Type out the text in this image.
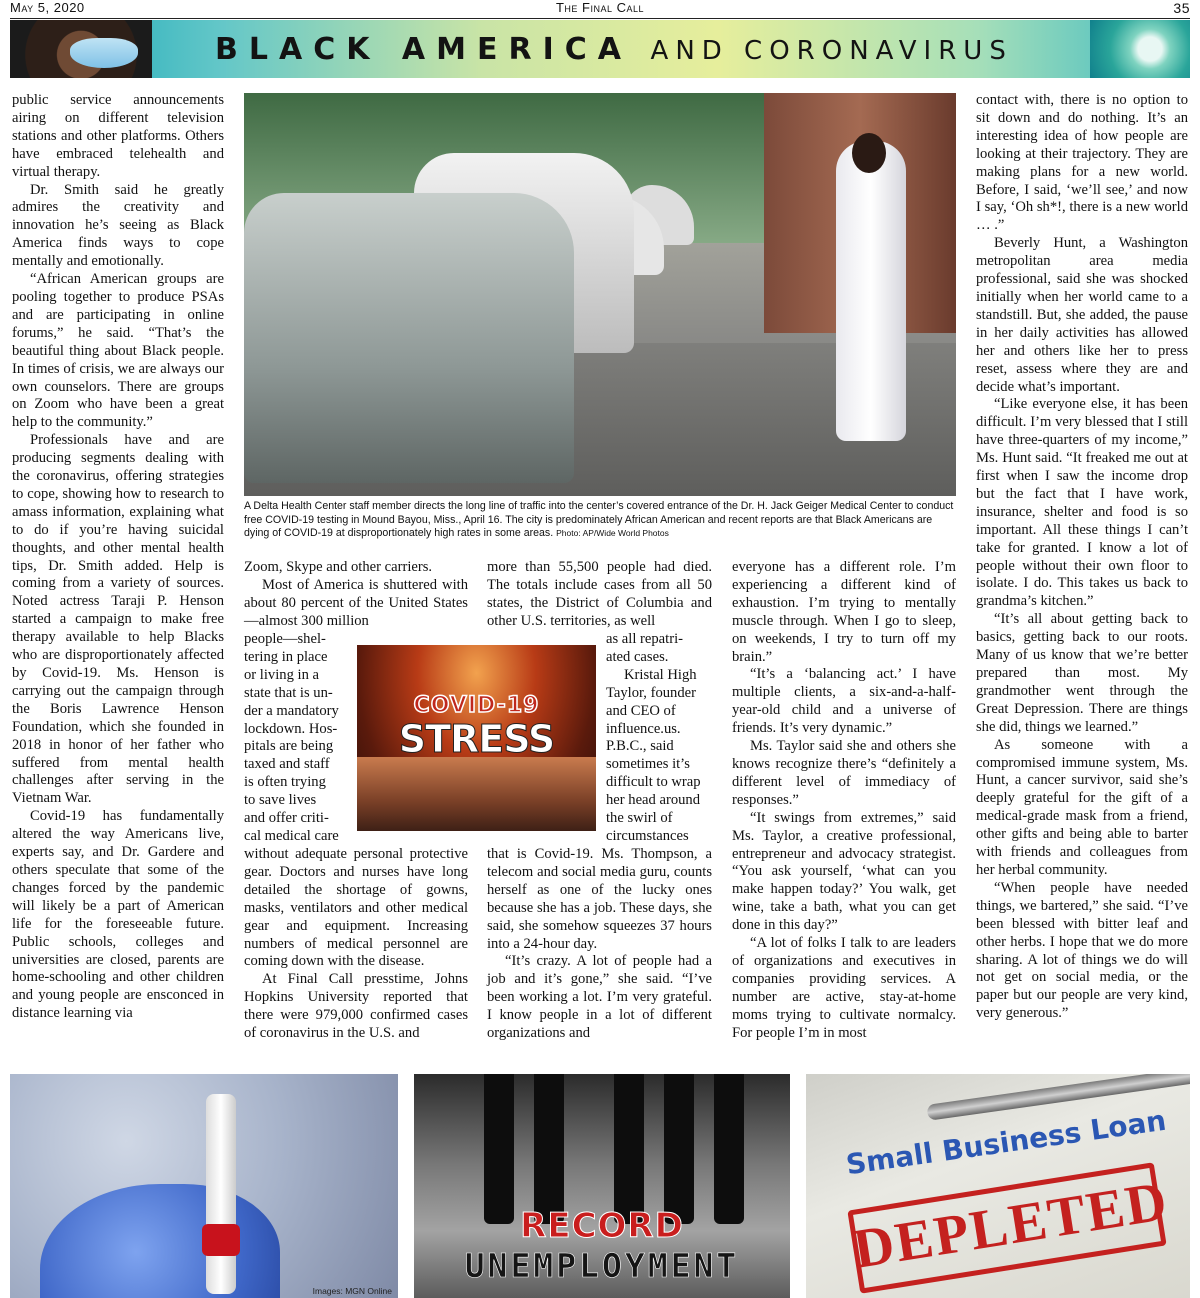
May 5, 2020	The Final Call	35
BLACK AMERICA AND CORONAVIRUS
A Delta Health Center staff member directs the long line of traffic into the center’s covered entrance of the Dr. H. Jack Geiger Medical Center to conduct free COVID-19 testing in Mound Bayou, Miss., April 16. The city is predominately African American and recent reports are that Black Americans are dying of COVID-19 at disproportionately high rates in some areas. Photo: AP/Wide World Photos

public service announcements airing on different television stations and other platforms. Others have embraced telehealth and virtual therapy.

Dr. Smith said he greatly admires the creativity and innovation he’s seeing as Black America finds ways to cope mentally and emotionally.

“African American groups are pooling together to produce PSAs and are participating in online forums,” he said. “That’s the beautiful thing about Black people. In times of crisis, we are always our own counselors. There are groups on Zoom who have been a great help to the community.”

Professionals have and are producing segments dealing with the coronavirus, offering strategies to cope, showing how to research to amass information, explaining what to do if you’re having suicidal thoughts, and other mental health tips, Dr. Smith added. Help is coming from a variety of sources. Noted actress Taraji P. Henson started a campaign to make free therapy available to help Blacks who are disproportionately affected by Covid-19. Ms. Henson is carrying out the campaign through the Boris Lawrence Henson Foundation, which she founded in 2018 in honor of her father who suffered from mental health challenges after serving in the Vietnam War.

Covid-19 has fundamentally altered the way Americans live, experts say, and Dr. Gardere and others speculate that some of the changes forced by the pandemic will likely be a part of American life for the foreseeable future. Public schools, colleges and universities are closed, parents are home-schooling and other children and young people are ensconced in distance learning via

Zoom, Skype and other carriers.

Most of America is shuttered with about 80 percent of the United States—almost 300 million

people—shel-
tering in place
or living in a
state that is un-
der a mandatory
lockdown. Hos-
pitals are being
taxed and staff
is often trying
to save lives
and offer criti-
cal medical care

without adequate personal protective gear. Doctors and nurses have long detailed the shortage of gowns, masks, ventilators and other medical gear and equipment. Increasing numbers of medical personnel are coming down with the disease.

At Final Call presstime, Johns Hopkins University reported that there were 979,000 confirmed cases of coronavirus in the U.S. and

COVID-19
STRESS

more than 55,500 people had died. The totals include cases from all 50 states, the District of Columbia and other U.S. territories, as well

as all repatri-
ated cases.
Kristal High
Taylor, founder
and CEO of
influence.us.
P.B.C., said
sometimes it’s
difficult to wrap
her head around
the swirl of
circumstances

that is Covid-19. Ms. Thompson, a telecom and social media guru, counts herself as one of the lucky ones because she has a job. These days, she said, she somehow squeezes 37 hours into a 24-hour day.

“It’s crazy. A lot of people had a job and it’s gone,” she said. “I’ve been working a lot. I’m very grateful. I know people in a lot of different organizations and

everyone has a different role. I’m experiencing a different kind of exhaustion. I’m trying to mentally muscle through. When I go to sleep, on weekends, I try to turn off my brain.”

“It’s a ‘balancing act.’ I have multiple clients, a six-and-a-half-year-old child and a universe of friends. It’s very dynamic.”

Ms. Taylor said she and others she knows recognize there’s “definitely a different level of immediacy of responses.”

“It swings from extremes,” said Ms. Taylor, a creative professional, entrepreneur and advocacy strategist. “You ask yourself, ‘what can you make happen today?’ You walk, get wine, take a bath, what you can get done in this day?”

“A lot of folks I talk to are leaders of organizations and executives in companies providing services. A number are active, stay-at-home moms trying to cultivate normalcy. For people I’m in most

contact with, there is no option to sit down and do nothing. It’s an interesting idea of how people are looking at their trajectory. They are making plans for a new world. Before, I said, ‘we’ll see,’ and now I say, ‘Oh sh*!, there is a new world … .”

Beverly Hunt, a Washington metropolitan area media professional, said she was shocked initially when her world came to a standstill. But, she added, the pause in her daily activities has allowed her and others like her to press reset, assess where they are and decide what’s important.

“Like everyone else, it has been difficult. I’m very blessed that I still have three-quarters of my income,” Ms. Hunt said. “It freaked me out at first when I saw the income drop but the fact that I have work, insurance, shelter and food is so important. All these things I can’t take for granted. I know a lot of people without their own floor to isolate. I do. This takes us back to grandma’s kitchen.”

“It’s all about getting back to basics, getting back to our roots. Many of us know that we’re better prepared than most. My grandmother went through the Great Depression. There are things she did, things we learned.”

As someone with a compromised immune system, Ms. Hunt, a cancer survivor, said she’s deeply grateful for the gift of a medical-grade mask from a friend, other gifts and being able to barter with friends and colleagues from her herbal community.

“When people have needed things, we bartered,” she said. “I’ve been blessed with bitter leaf and other herbs. I hope that we do more sharing. A lot of things we do will not get on social media, or the paper but our people are very kind, very generous.”

Images: MGN Online
RECORD
UNEMPLOYMENT
Small Business Loan
DEPLETED
